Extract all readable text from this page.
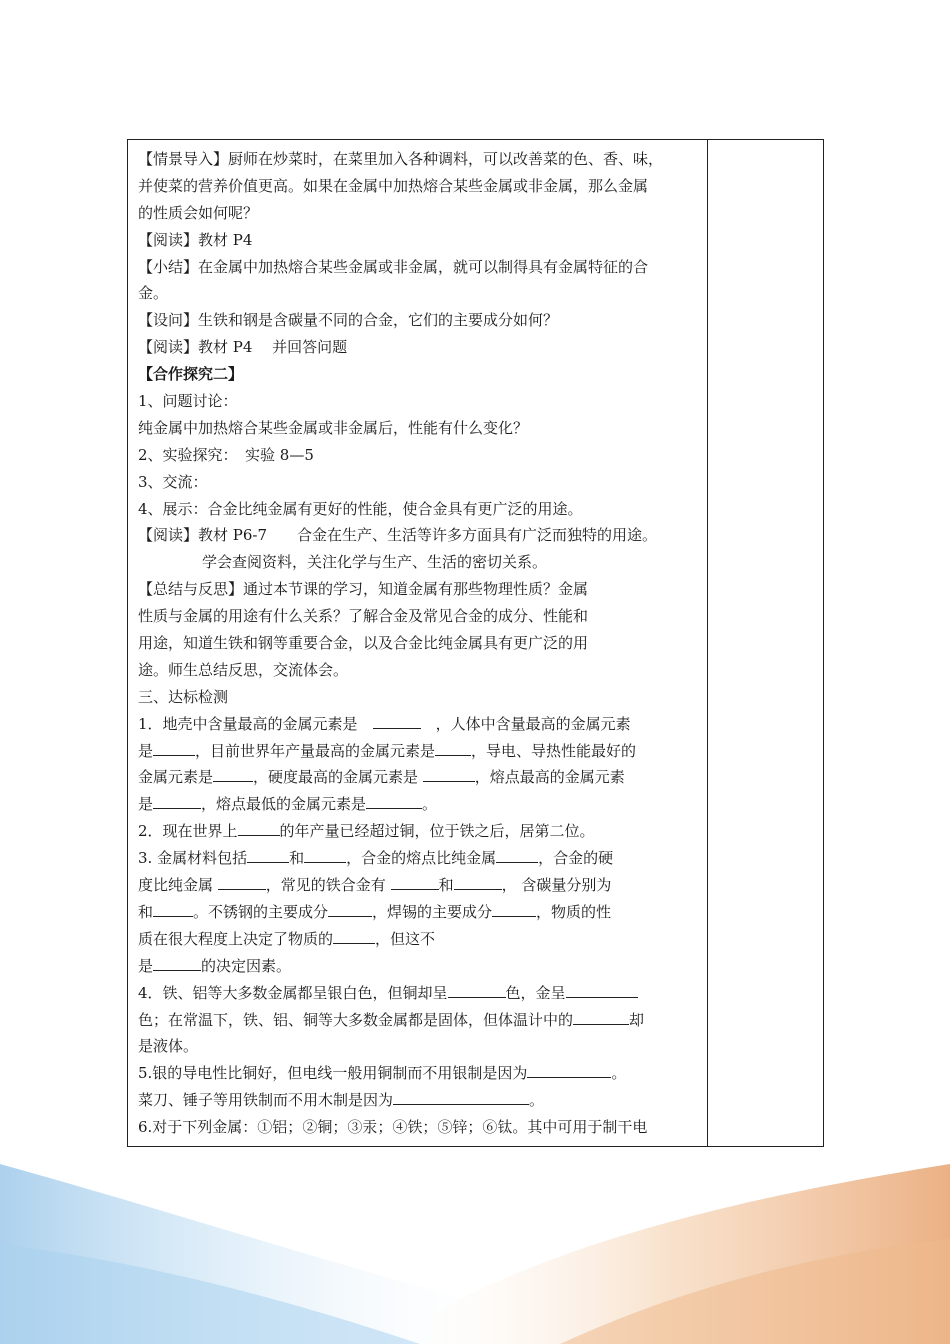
【情景导入】厨师在炒菜时，在菜里加入各种调料，可以改善菜的色、香、味，
并使菜的营养价值更高。如果在金属中加热熔合某些金属或非金属，那么金属
的性质会如何呢？
【阅读】教材 P4
【小结】在金属中加热熔合某些金属或非金属，就可以制得具有金属特征的合
金。
【设问】生铁和钢是含碳量不同的合金，它们的主要成分如何？
【阅读】教材 P4　 并回答问题
【合作探究二】
1、问题讨论：
纯金属中加热熔合某些金属或非金属后，性能有什么变化？
2、实验探究：　实验 8—5
3、交流：
4、展示：合金比纯金属有更好的性能，使合金具有更广泛的用途。
【阅读】教材 P6-7　　合金在生产、生活等许多方面具有广泛而独特的用途。
学会查阅资料，关注化学与生产、生活的密切关系。
【总结与反思】通过本节课的学习，知道金属有那些物理性质？金属
性质与金属的用途有什么关系？了解合金及常见合金的成分、性能和
用途，知道生铁和钢等重要合金，以及合金比纯金属具有更广泛的用
途。师生总结反思，交流体会。
三、达标检测
1．地壳中含量最高的金属元素是　　	，人体中含量最高的金属元素
是	，目前世界年产量最高的金属元素是 ，导电、导热性能最好的
金属元素是	，硬度最高的金属元素是	，熔点最高的金属元素
是	，熔点最低的金属元素是	。
2．现在世界上	的年产量已经超过铜，位于铁之后，居第二位。
3. 金属材料包括	和	，合金的熔点比纯金属	，合金的硬
度比纯金属	，常见的铁合金有	和	， 含碳量分别为
和	。不锈钢的主要成分	，焊锡的主要成分	，物质的性
质在很大程度上决定了物质的	，但这不
是	的决定因素。
4．铁、铝等大多数金属都呈银白色，但铜却呈	色，金呈
色；在常温下，铁、铝、铜等大多数金属都是固体，但体温计中的	却
是液体。
5.银的导电性比铜好，但电线一般用铜制而不用银制是因为	。
菜刀、锤子等用铁制而不用木制是因为	。
6.对于下列金属：①铝；②铜；③汞；④铁；⑤锌；⑥钛。其中可用于制干电
